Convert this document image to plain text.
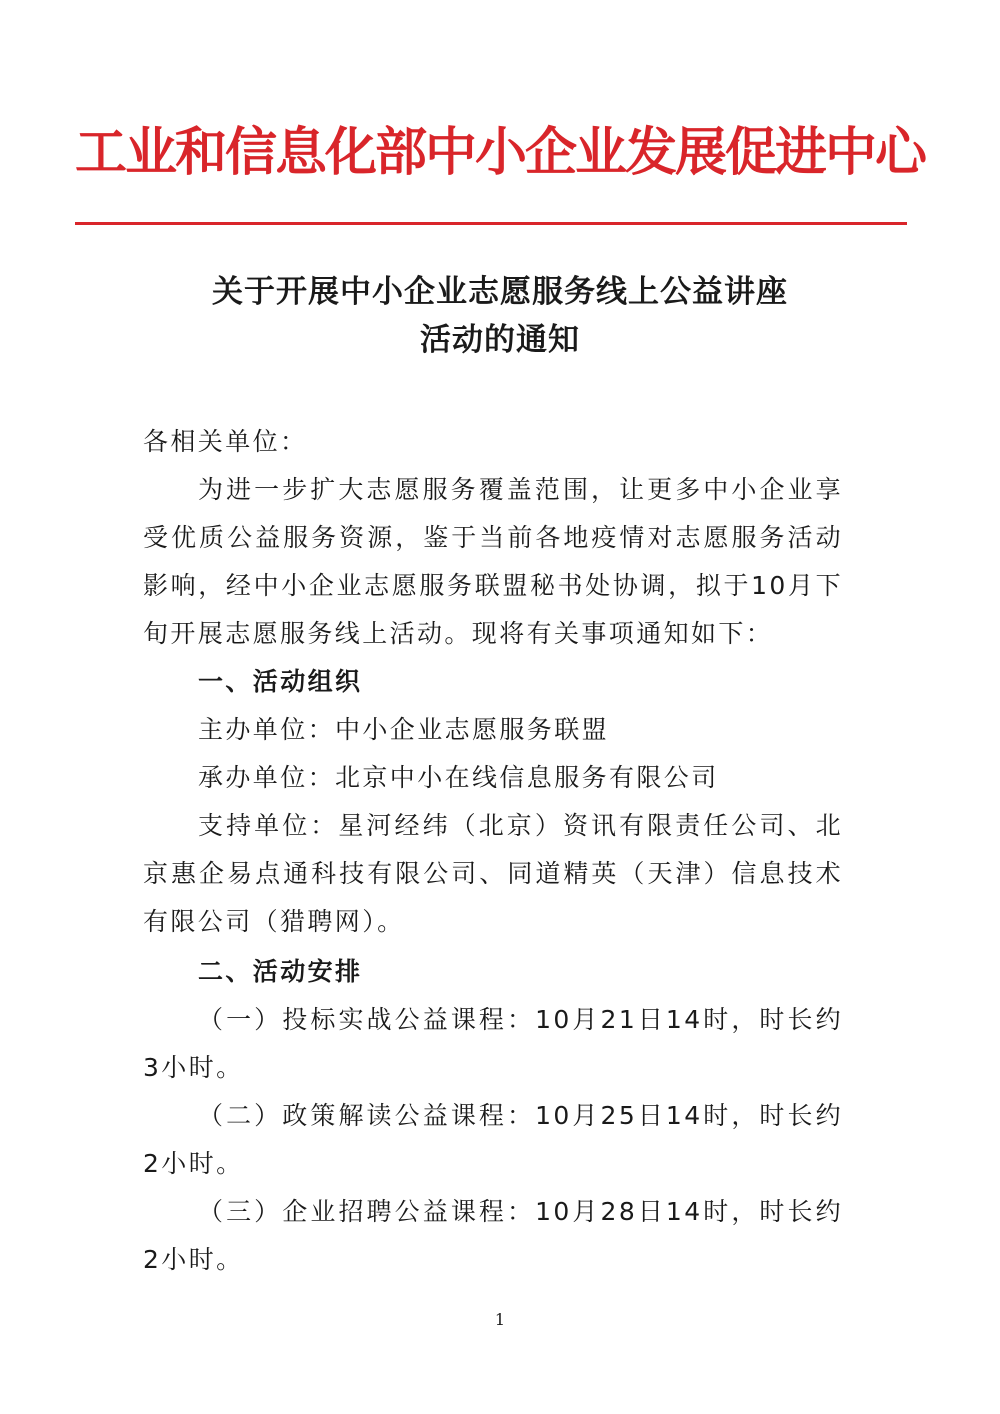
工业和信息化部中小企业发展促进中心
关于开展中小企业志愿服务线上公益讲座
活动的通知

各相关单位：

为进一步扩大志愿服务覆盖范围，让更多中小企业享受优质公益服务资源，鉴于当前各地疫情对志愿服务活动影响，经中小企业志愿服务联盟秘书处协调，拟于10月下旬开展志愿服务线上活动。现将有关事项通知如下：

一、活动组织

主办单位：中小企业志愿服务联盟

承办单位：北京中小在线信息服务有限公司

支持单位：星河经纬（北京）资讯有限责任公司、北京惠企易点通科技有限公司、同道精英（天津）信息技术有限公司（猎聘网）。

二、活动安排

（一）投标实战公益课程：10月21日14时，时长约3小时。

（二）政策解读公益课程：10月25日14时，时长约2小时。

（三）企业招聘公益课程：10月28日14时，时长约2小时。

1
